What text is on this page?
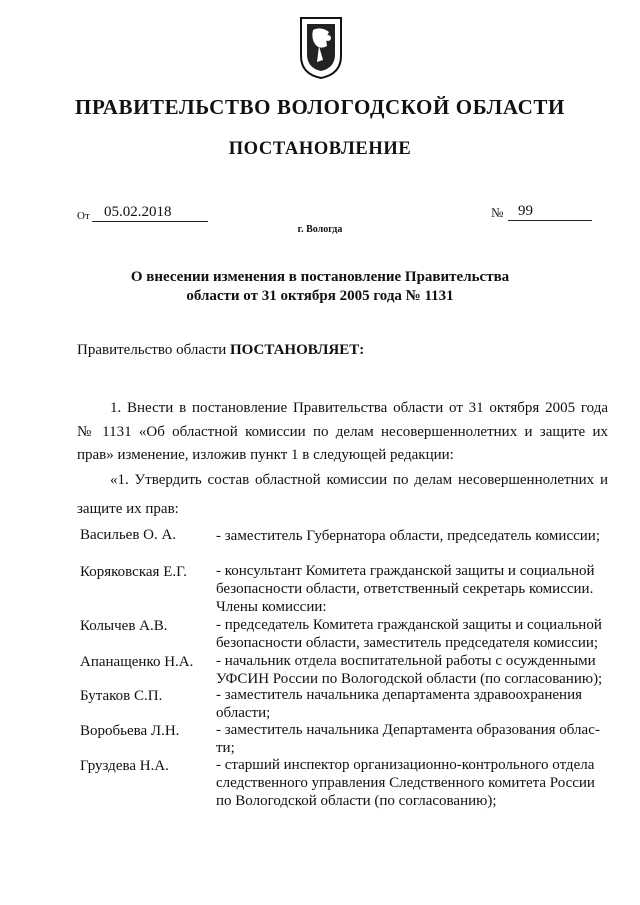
ПРАВИТЕЛЬСТВО ВОЛОГОДСКОЙ ОБЛАСТИ
ПОСТАНОВЛЕНИЕ
От 05.02.2018	№ 99
г. Вологда
О внесении изменения в постановление Правительства
области от 31 октября 2005 года № 1131
Правительство области ПОСТАНОВЛЯЕТ:
1. Внести в постановление Правительства области от 31 октября 2005 года
№ 1131 «Об областной комиссии по делам несовершеннолетних и защите их
прав» изменение, изложив пункт 1 в следующей редакции:
«1. Утвердить состав областной комиссии по делам несовершеннолетних и
защите их прав:
Васильев О. А.	- заместитель Губернатора области, председатель комиссии;
Коряковская Е.Г. - консультант Комитета гражданской защиты и социальной
безопасности области, ответственный секретарь комиссии.
Члены комиссии:
Колычев А.В.	- председатель Комитета гражданской защиты и социальной
безопасности области, заместитель председателя комиссии;
Апанащенко Н.А. - начальник отдела воспитательной работы с осужденными
УФСИН России по Вологодской области (по согласованию);
Бутаков С.П.	- заместитель начальника департамента здравоохранения
области;
Воробьева Л.Н. - заместитель начальника Департамента образования облас-
ти;
Груздева Н.А.	- старший инспектор организационно-контрольного отдела
следственного управления Следственного комитета России
по Вологодской области (по согласованию);
